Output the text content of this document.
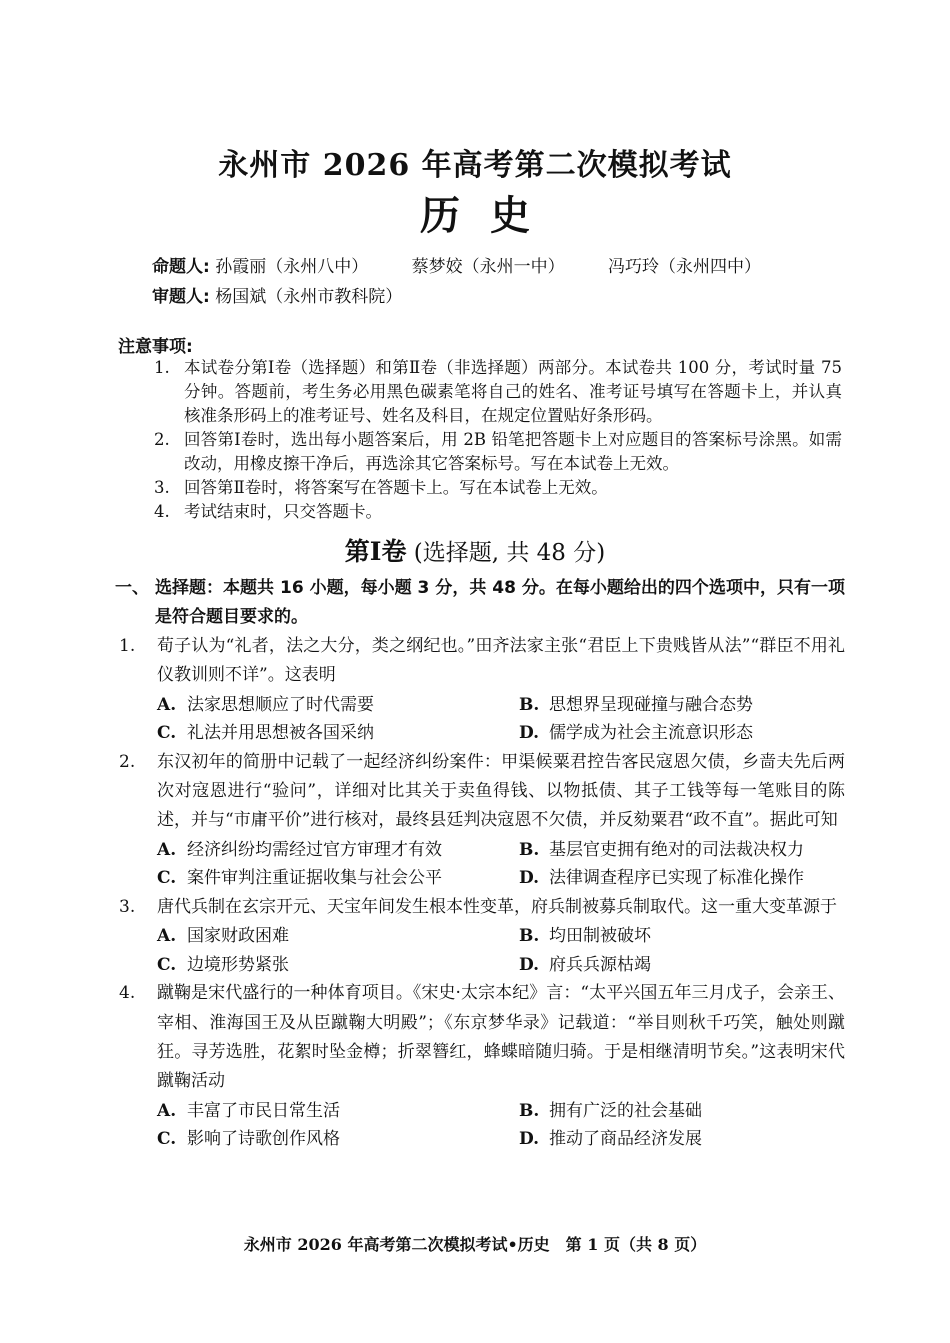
永州市 2026 年高考第二次模拟考试
历史
命题人: 孙霞丽（永州八中）	蔡梦姣（永州一中）	冯巧玲（永州四中）
审题人: 杨国斌（永州市教科院）
注意事项:
1. 本试卷分第Ⅰ卷（选择题）和第Ⅱ卷（非选择题）两部分。本试卷共 100 分，考试时量 75 分钟。答题前，考生务必用黑色碳素笔将自己的姓名、准考证号填写在答题卡上，并认真核准条形码上的准考证号、姓名及科目，在规定位置贴好条形码。
2. 回答第Ⅰ卷时，选出每小题答案后，用 2B 铅笔把答题卡上对应题目的答案标号涂黑。如需改动，用橡皮擦干净后，再选涂其它答案标号。写在本试卷上无效。
3. 回答第Ⅱ卷时，将答案写在答题卡上。写在本试卷上无效。
4. 考试结束时，只交答题卡。
第Ⅰ卷 (选择题, 共 48 分)
一、 选择题：本题共 16 小题，每小题 3 分，共 48 分。在每小题给出的四个选项中，只有一项是符合题目要求的。
1. 荀子认为“礼者，法之大分，类之纲纪也。”田齐法家主张“君臣上下贵贱皆从法”“群臣不用礼仪教训则不详”。这表明
A. 法家思想顺应了时代需要	B. 思想界呈现碰撞与融合态势
C. 礼法并用思想被各国采纳	D. 儒学成为社会主流意识形态
2. 东汉初年的简册中记载了一起经济纠纷案件：甲渠候粟君控告客民寇恩欠债，乡啬夫先后两次对寇恩进行“验问”，详细对比其关于卖鱼得钱、以物抵债、其子工钱等每一笔账目的陈述，并与“市庸平价”进行核对，最终县廷判决寇恩不欠债，并反劾粟君“政不直”。据此可知
A. 经济纠纷均需经过官方审理才有效	B. 基层官吏拥有绝对的司法裁决权力
C. 案件审判注重证据收集与社会公平	D. 法律调查程序已实现了标准化操作
3. 唐代兵制在玄宗开元、天宝年间发生根本性变革，府兵制被募兵制取代。这一重大变革源于
A. 国家财政困难	B. 均田制被破坏
C. 边境形势紧张	D. 府兵兵源枯竭
4. 蹴鞠是宋代盛行的一种体育项目。《宋史·太宗本纪》言：“太平兴国五年三月戊子，会亲王、宰相、淮海国王及从臣蹴鞠大明殿”；《东京梦华录》记载道：“举目则秋千巧笑，触处则蹴狂。寻芳选胜，花絮时坠金樽；折翠簪红，蜂蝶暗随归骑。于是相继清明节矣。”这表明宋代蹴鞠活动
A. 丰富了市民日常生活	B. 拥有广泛的社会基础
C. 影响了诗歌创作风格	D. 推动了商品经济发展
永州市 2026 年高考第二次模拟考试•历史　第 1 页（共 8 页）
